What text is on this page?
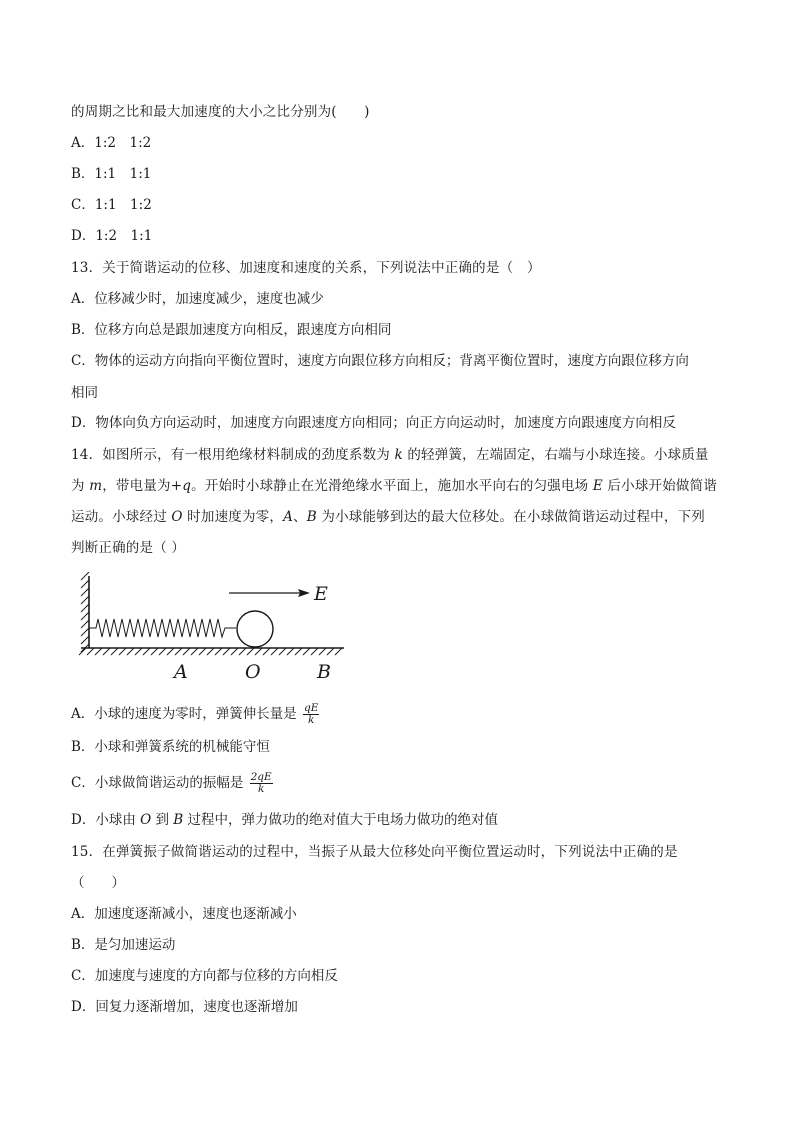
的周期之比和最大加速度的大小之比分别为(　　)
A．1:2　1:2
B．1:1　1:1
C．1:1　1:2
D．1:2　1:1
13．关于简谐运动的位移、加速度和速度的关系，下列说法中正确的是（　）
A．位移减少时，加速度减少，速度也减少
B．位移方向总是跟加速度方向相反，跟速度方向相同
C．物体的运动方向指向平衡位置时，速度方向跟位移方向相反；背离平衡位置时，速度方向跟位移方向
相同
D．物体向负方向运动时，加速度方向跟速度方向相同；向正方向运动时，加速度方向跟速度方向相反
14．如图所示，有一根用绝缘材料制成的劲度系数为 k 的轻弹簧，左端固定，右端与小球连接。小球质量
为 m，带电量为+q。开始时小球静止在光滑绝缘水平面上，施加水平向右的匀强电场 E 后小球开始做简谐
运动。小球经过 O 时加速度为零，A、B 为小球能够到达的最大位移处。在小球做简谐运动过程中，下列
判断正确的是（ ）
E
A	O	B
A．小球的速度为零时，弹簧伸长量是 $\frac{qE}{k}$
B．小球和弹簧系统的机械能守恒
C．小球做简谐运动的振幅是 $\frac{2qE}{k}$
D．小球由 O 到 B 过程中，弹力做功的绝对值大于电场力做功的绝对值
15．在弹簧振子做简谐运动的过程中，当振子从最大位移处向平衡位置运动时，下列说法中正确的是
（　　）
A．加速度逐渐减小，速度也逐渐减小
B．是匀加速运动
C．加速度与速度的方向都与位移的方向相反
D．回复力逐渐增加，速度也逐渐增加
